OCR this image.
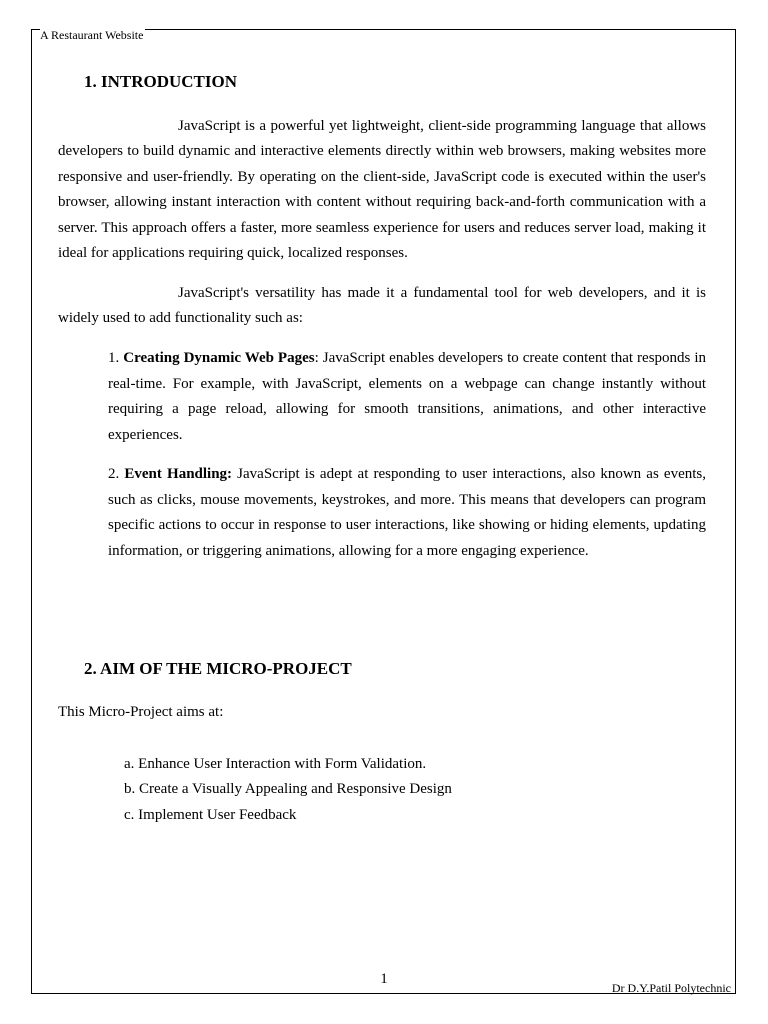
A Restaurant Website
1. INTRODUCTION

JavaScript is a powerful yet lightweight, client-side programming language that allows developers to build dynamic and interactive elements directly within web browsers, making websites more responsive and user-friendly. By operating on the client-side, JavaScript code is executed within the user's browser, allowing instant interaction with content without requiring back-and-forth communication with a server. This approach offers a faster, more seamless experience for users and reduces server load, making it ideal for applications requiring quick, localized responses.

JavaScript's versatility has made it a fundamental tool for web developers, and it is widely used to add functionality such as:

1. Creating Dynamic Web Pages: JavaScript enables developers to create content that responds in real-time. For example, with JavaScript, elements on a webpage can change instantly without requiring a page reload, allowing for smooth transitions, animations, and other interactive experiences.

2. Event Handling: JavaScript is adept at responding to user interactions, also known as events, such as clicks, mouse movements, keystrokes, and more. This means that developers can program specific actions to occur in response to user interactions, like showing or hiding elements, updating information, or triggering animations, allowing for a more engaging experience.

2. AIM OF THE MICRO-PROJECT
This Micro-Project aims at:
a. Enhance User Interaction with Form Validation.
b. Create a Visually Appealing and Responsive Design
c. Implement User Feedback
1
Dr D.Y.Patil Polytechnic
